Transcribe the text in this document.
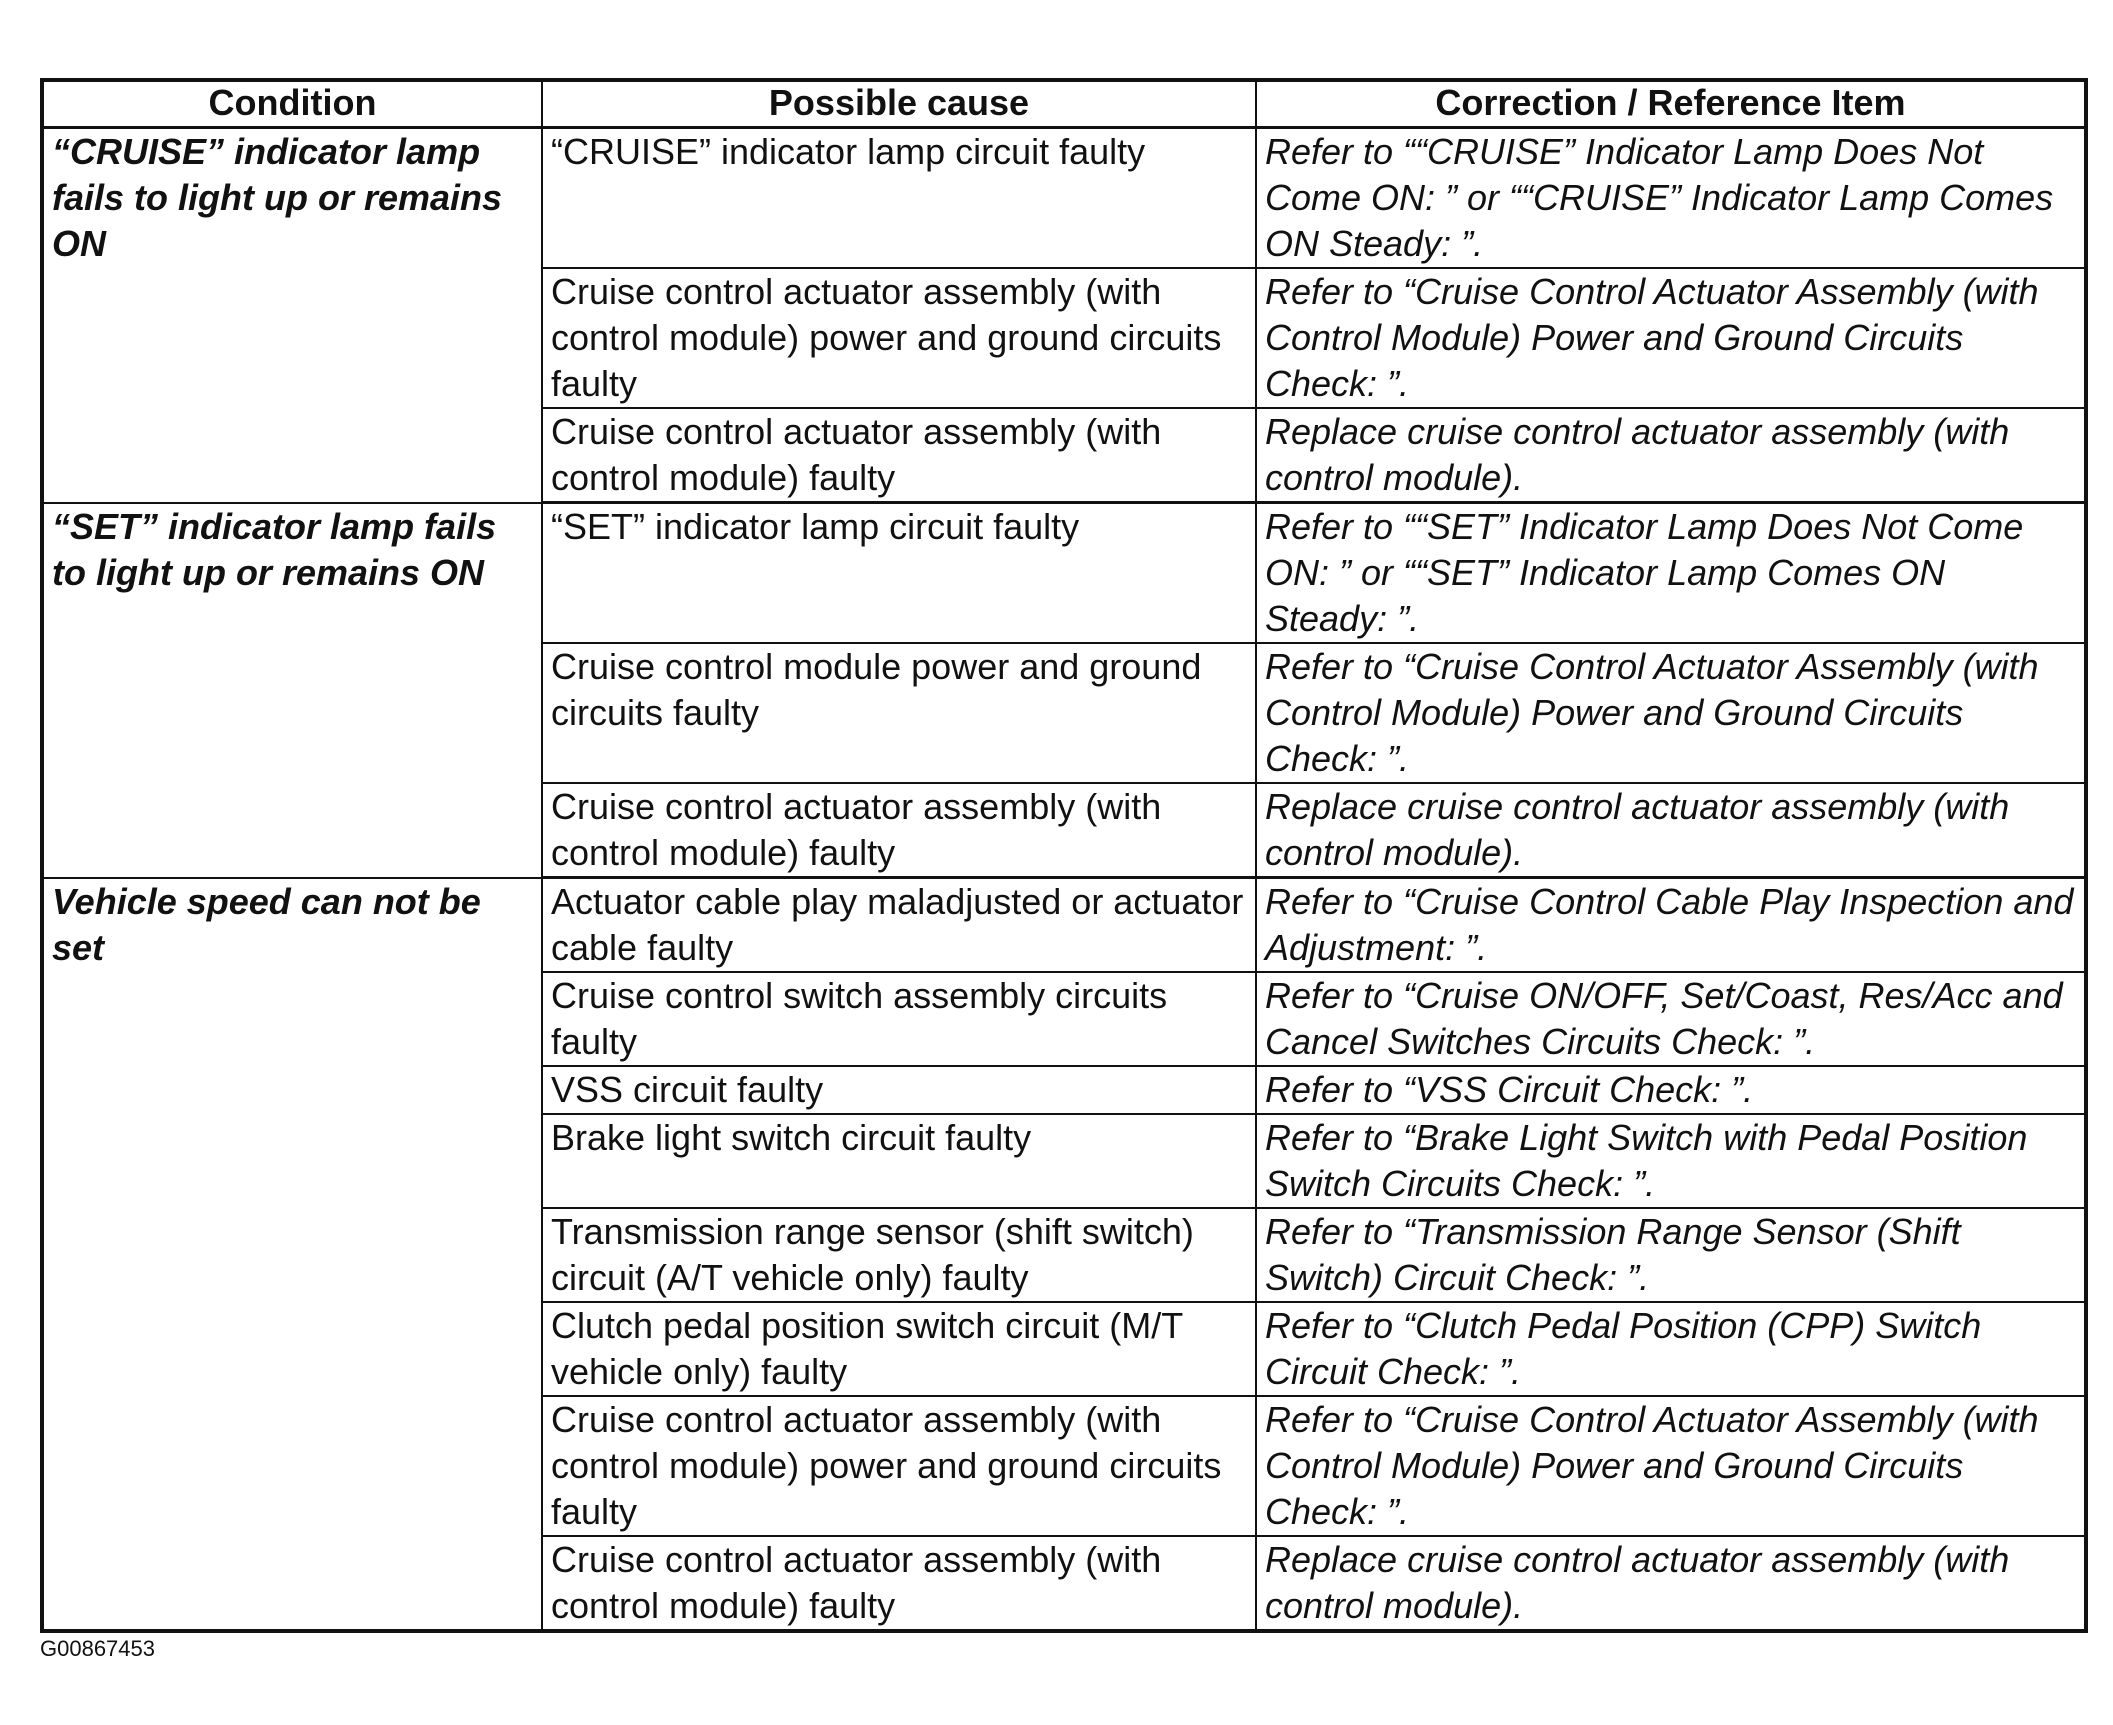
Condition	Possible cause	Correction / Reference Item
“CRUISE” indicator lamp fails to light up or remains ON	“CRUISE” indicator lamp circuit faulty	Refer to ““CRUISE” Indicator Lamp Does Not Come ON: ” or ““CRUISE” Indicator Lamp Comes ON Steady: ”.
	Cruise control actuator assembly (with control module) power and ground circuits faulty	Refer to “Cruise Control Actuator Assembly (with Control Module) Power and Ground Circuits Check: ”.
	Cruise control actuator assembly (with control module) faulty	Replace cruise control actuator assembly (with control module).
“SET” indicator lamp fails to light up or remains ON	“SET” indicator lamp circuit faulty	Refer to ““SET” Indicator Lamp Does Not Come ON: ” or ““SET” Indicator Lamp Comes ON Steady: ”.
	Cruise control module power and ground circuits faulty	Refer to “Cruise Control Actuator Assembly (with Control Module) Power and Ground Circuits Check: ”.
	Cruise control actuator assembly (with control module) faulty	Replace cruise control actuator assembly (with control module).
Vehicle speed can not be set	Actuator cable play maladjusted or actuator cable faulty	Refer to “Cruise Control Cable Play Inspection and Adjustment: ”.
	Cruise control switch assembly circuits faulty	Refer to “Cruise ON/OFF, Set/Coast, Res/Acc and Cancel Switches Circuits Check: ”.
	VSS circuit faulty	Refer to “VSS Circuit Check: ”.
	Brake light switch circuit faulty	Refer to “Brake Light Switch with Pedal Position Switch Circuits Check: ”.
	Transmission range sensor (shift switch) circuit (A/T vehicle only) faulty	Refer to “Transmission Range Sensor (Shift Switch) Circuit Check: ”.
	Clutch pedal position switch circuit (M/T vehicle only) faulty	Refer to “Clutch Pedal Position (CPP) Switch Circuit Check: ”.
	Cruise control actuator assembly (with control module) power and ground circuits faulty	Refer to “Cruise Control Actuator Assembly (with Control Module) Power and Ground Circuits Check: ”.
	Cruise control actuator assembly (with control module) faulty	Replace cruise control actuator assembly (with control module).
G00867453
